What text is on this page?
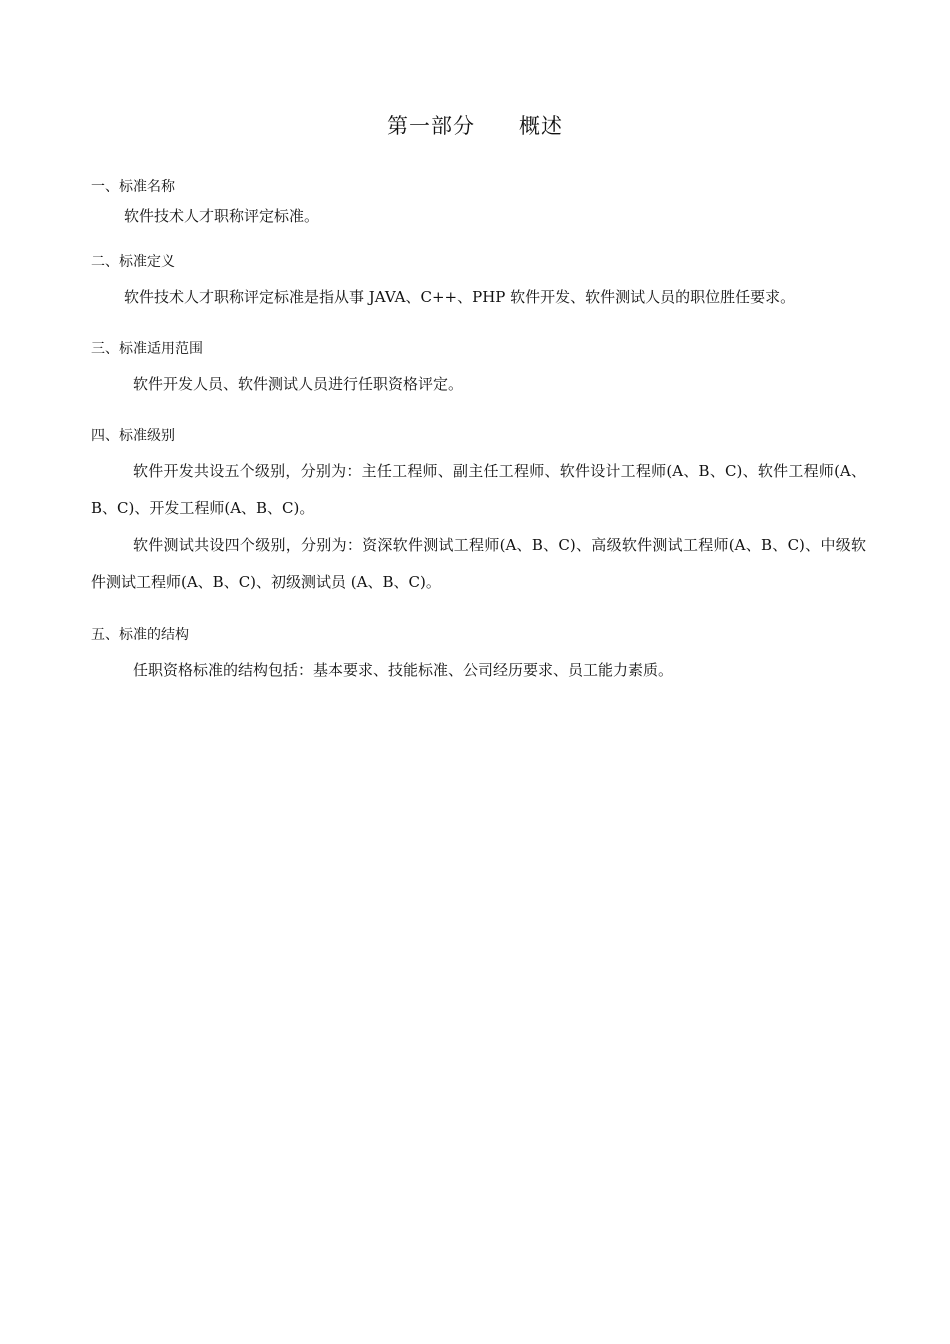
第一部分　　概述
一、标准名称
软件技术人才职称评定标准。
二、标准定义
软件技术人才职称评定标准是指从事 JAVA、C++、PHP 软件开发、软件测试人员的职位胜任要求。
三、标准适用范围
软件开发人员、软件测试人员进行任职资格评定。
四、标准级别
软件开发共设五个级别，分别为：主任工程师、副主任工程师、软件设计工程师(A、B、C)、软件工程师(A、B、C)、开发工程师(A、B、C)。
软件测试共设四个级别，分别为：资深软件测试工程师(A、B、C)、高级软件测试工程师(A、B、C)、中级软件测试工程师(A、B、C)、初级测试员 (A、B、C)。
五、标准的结构
任职资格标准的结构包括：基本要求、技能标准、公司经历要求、员工能力素质。
